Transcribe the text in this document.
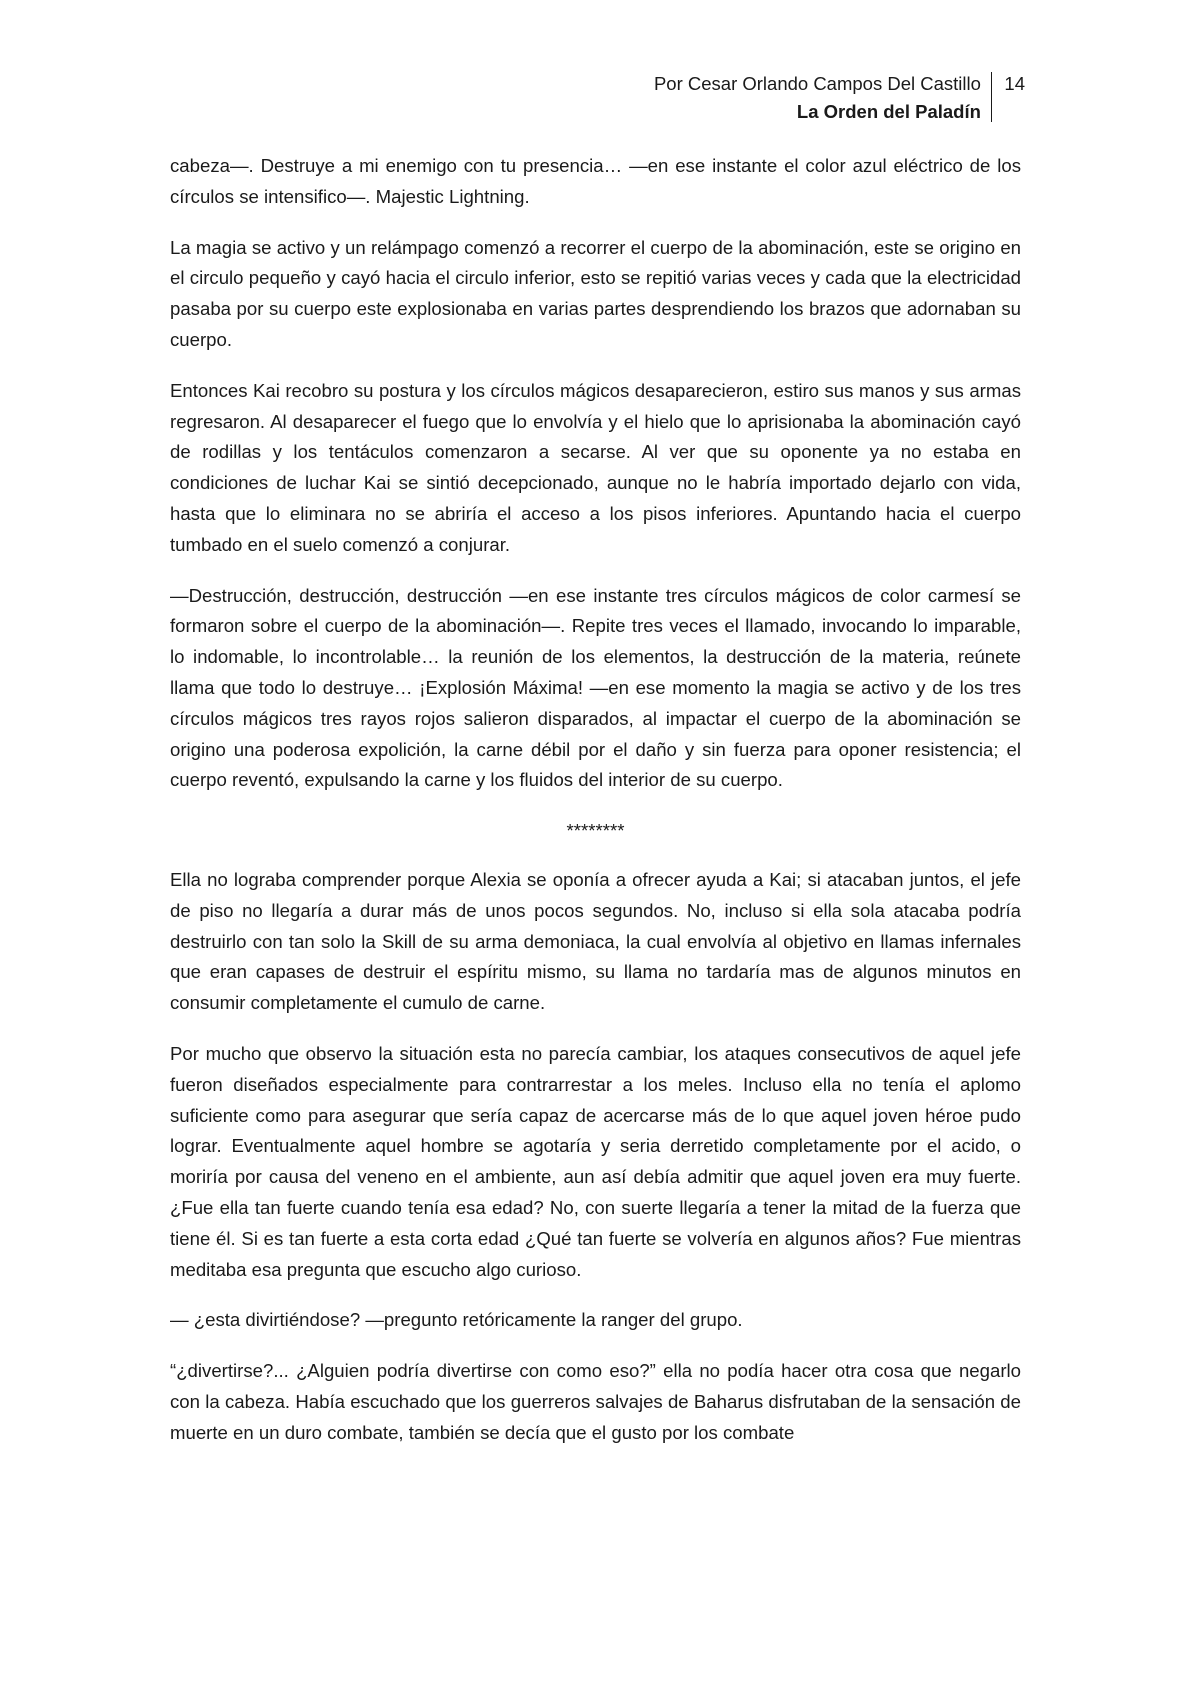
Por Cesar Orlando Campos Del Castillo
La Orden del Paladín
14

cabeza—. Destruye a mi enemigo con tu presencia… —en ese instante el color azul eléctrico de los círculos se intensifico—. Majestic Lightning.

La magia se activo y un relámpago comenzó a recorrer el cuerpo de la abominación, este se origino en el circulo pequeño y cayó hacia el circulo inferior, esto se repitió varias veces y cada que la electricidad pasaba por su cuerpo este explosionaba en varias partes desprendiendo los brazos que adornaban su cuerpo.

Entonces Kai recobro su postura y los círculos mágicos desaparecieron, estiro sus manos y sus armas regresaron. Al desaparecer el fuego que lo envolvía y el hielo que lo aprisionaba la abominación cayó de rodillas y los tentáculos comenzaron a secarse. Al ver que su oponente ya no estaba en condiciones de luchar Kai se sintió decepcionado, aunque no le habría importado dejarlo con vida, hasta que lo eliminara no se abriría el acceso a los pisos inferiores. Apuntando hacia el cuerpo tumbado en el suelo comenzó a conjurar.

—Destrucción, destrucción, destrucción —en ese instante tres círculos mágicos de color carmesí se formaron sobre el cuerpo de la abominación—. Repite tres veces el llamado, invocando lo imparable, lo indomable, lo incontrolable… la reunión de los elementos, la destrucción de la materia, reúnete llama que todo lo destruye… ¡Explosión Máxima! —en ese momento la magia se activo y de los tres círculos mágicos tres rayos rojos salieron disparados, al impactar el cuerpo de la abominación se origino una poderosa expolición, la carne débil por el daño y sin fuerza para oponer resistencia; el cuerpo reventó, expulsando la carne y los fluidos del interior de su cuerpo.

********

Ella no lograba comprender porque Alexia se oponía a ofrecer ayuda a Kai; si atacaban juntos, el jefe de piso no llegaría a durar más de unos pocos segundos. No, incluso si ella sola atacaba podría destruirlo con tan solo la Skill de su arma demoniaca, la cual envolvía al objetivo en llamas infernales que eran capases de destruir el espíritu mismo, su llama no tardaría mas de algunos minutos en consumir completamente el cumulo de carne.

Por mucho que observo la situación esta no parecía cambiar, los ataques consecutivos de aquel jefe fueron diseñados especialmente para contrarrestar a los meles. Incluso ella no tenía el aplomo suficiente como para asegurar que sería capaz de acercarse más de lo que aquel joven héroe pudo lograr. Eventualmente aquel hombre se agotaría y seria derretido completamente por el acido, o moriría por causa del veneno en el ambiente, aun así debía admitir que aquel joven era muy fuerte. ¿Fue ella tan fuerte cuando tenía esa edad? No, con suerte llegaría a tener la mitad de la fuerza que tiene él. Si es tan fuerte a esta corta edad ¿Qué tan fuerte se volvería en algunos años? Fue mientras meditaba esa pregunta que escucho algo curioso.

— ¿esta divirtiéndose? —pregunto retóricamente la ranger del grupo.

“¿divertirse?... ¿Alguien podría divertirse con como eso?” ella no podía hacer otra cosa que negarlo con la cabeza. Había escuchado que los guerreros salvajes de Baharus disfrutaban de la sensación de muerte en un duro combate, también se decía que el gusto por los combate
